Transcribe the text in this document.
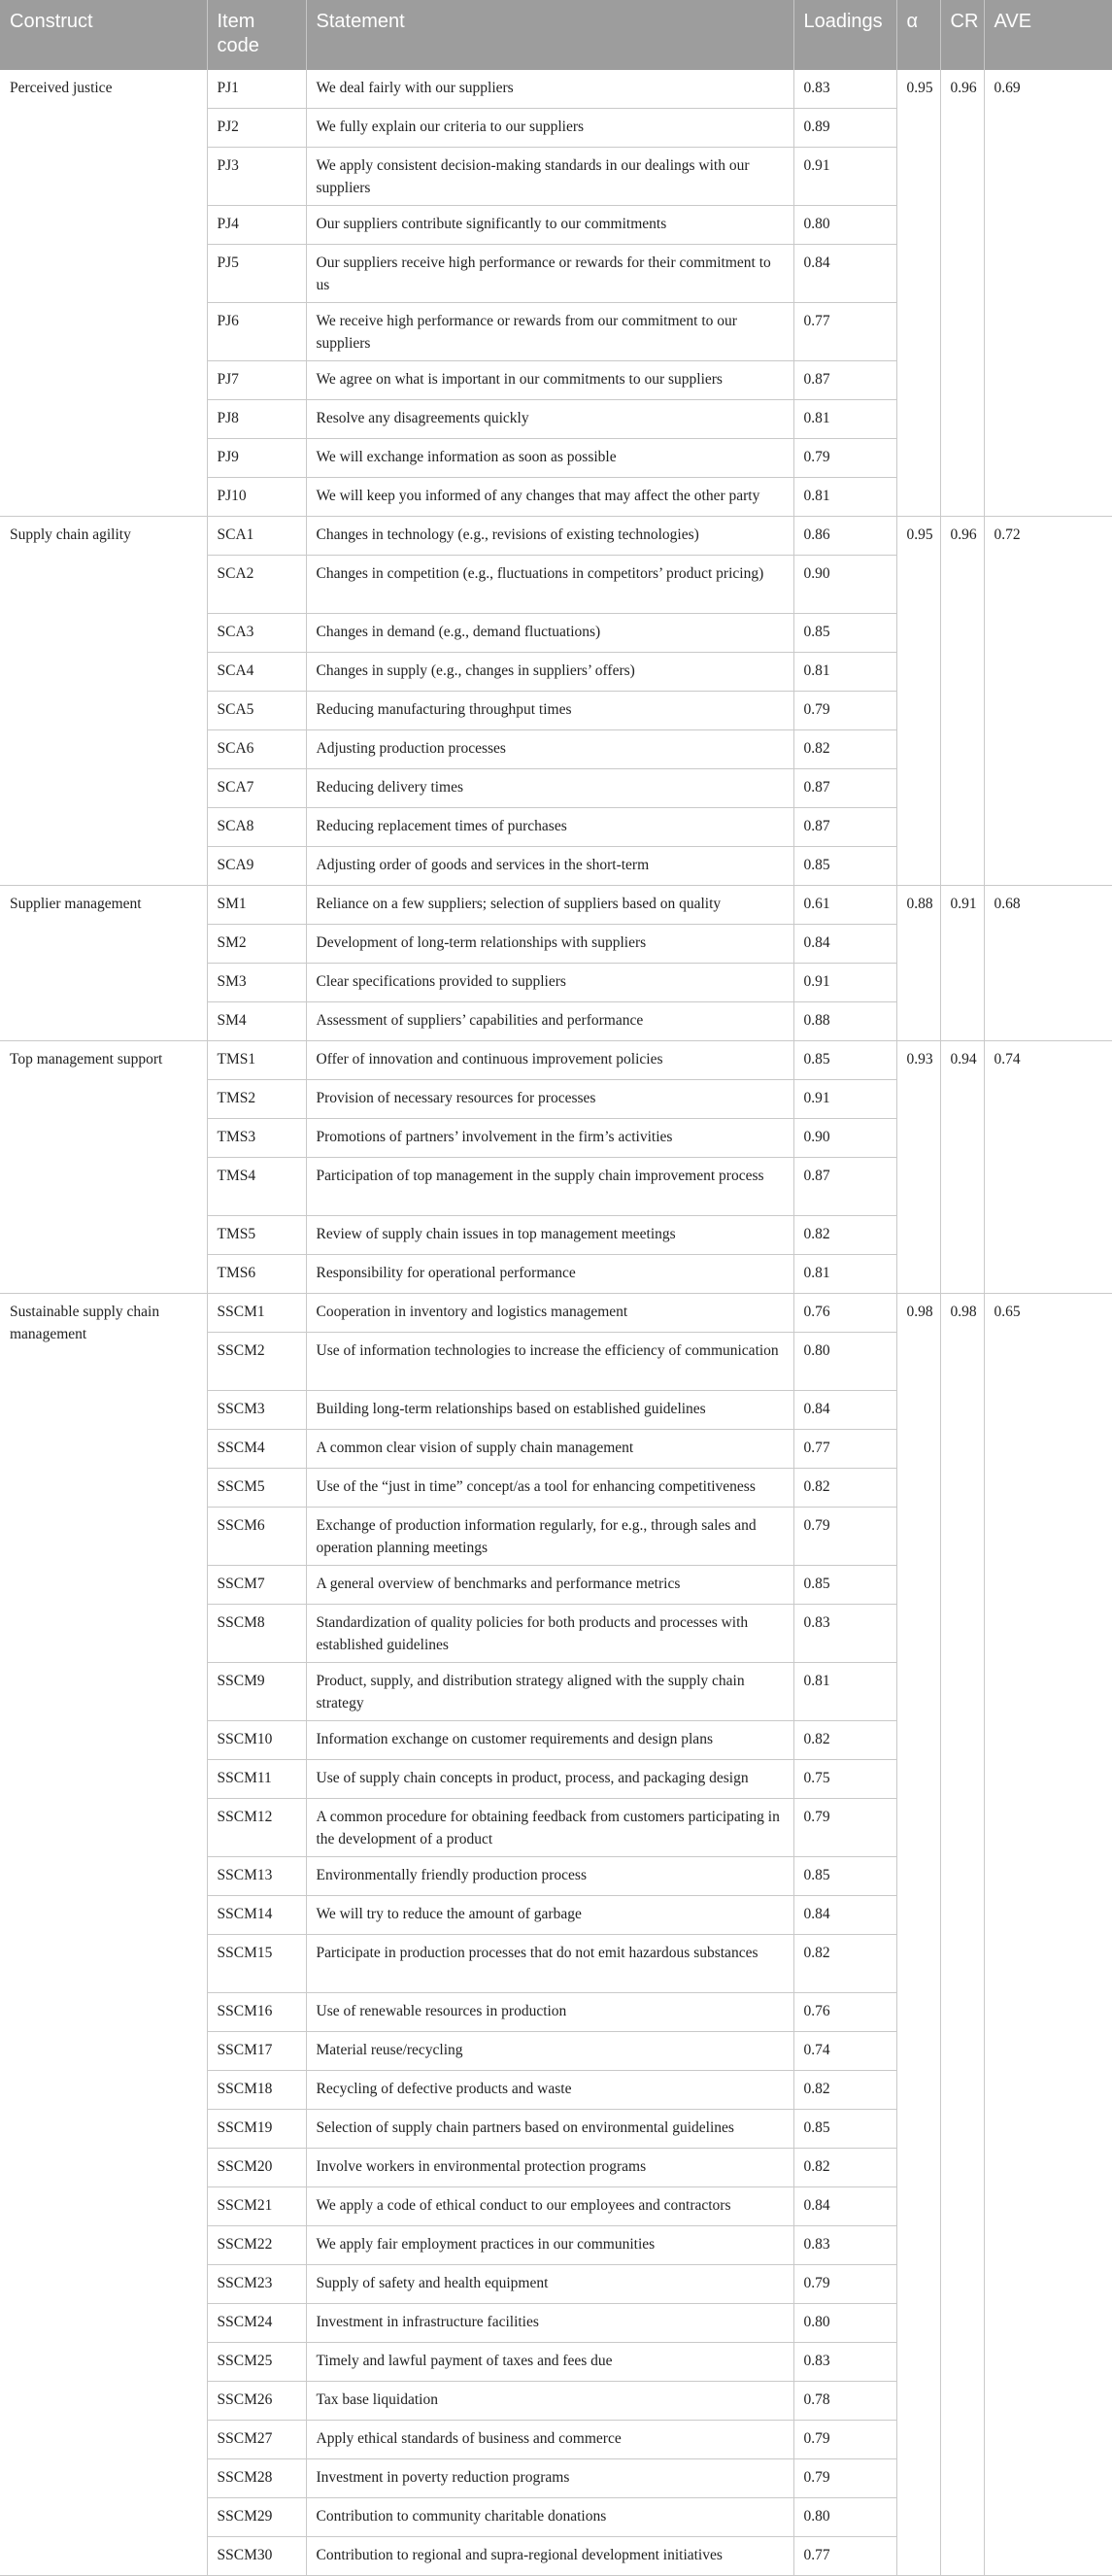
Construct	Item code	Statement	Loadings	α	CR	AVE
Perceived justice	PJ1	We deal fairly with our suppliers	0.83	0.95	0.96	0.69
	PJ2	We fully explain our criteria to our suppliers	0.89			
	PJ3	We apply consistent decision-making standards in our dealings with our suppliers	0.91			
	PJ4	Our suppliers contribute significantly to our commitments	0.80			
	PJ5	Our suppliers receive high performance or rewards for their commitment to us	0.84			
	PJ6	We receive high performance or rewards from our commitment to our suppliers	0.77			
	PJ7	We agree on what is important in our commitments to our suppliers	0.87			
	PJ8	Resolve any disagreements quickly	0.81			
	PJ9	We will exchange information as soon as possible	0.79			
	PJ10	We will keep you informed of any changes that may affect the other party	0.81			
Supply chain agility	SCA1	Changes in technology (e.g., revisions of existing technologies)	0.86	0.95	0.96	0.72
	SCA2	Changes in competition (e.g., fluctuations in competitors’ product pricing)	0.90			
	SCA3	Changes in demand (e.g., demand fluctuations)	0.85			
	SCA4	Changes in supply (e.g., changes in suppliers’ offers)	0.81			
	SCA5	Reducing manufacturing throughput times	0.79			
	SCA6	Adjusting production processes	0.82			
	SCA7	Reducing delivery times	0.87			
	SCA8	Reducing replacement times of purchases	0.87			
	SCA9	Adjusting order of goods and services in the short-term	0.85			
Supplier management	SM1	Reliance on a few suppliers; selection of suppliers based on quality	0.61	0.88	0.91	0.68
	SM2	Development of long-term relationships with suppliers	0.84			
	SM3	Clear specifications provided to suppliers	0.91			
	SM4	Assessment of suppliers’ capabilities and performance	0.88			
Top management support	TMS1	Offer of innovation and continuous improvement policies	0.85	0.93	0.94	0.74
	TMS2	Provision of necessary resources for processes	0.91			
	TMS3	Promotions of partners’ involvement in the firm’s activities	0.90			
	TMS4	Participation of top management in the supply chain improvement process	0.87			
	TMS5	Review of supply chain issues in top management meetings	0.82			
	TMS6	Responsibility for operational performance	0.81			
Sustainable supply chain management	SSCM1	Cooperation in inventory and logistics management	0.76	0.98	0.98	0.65
	SSCM2	Use of information technologies to increase the efficiency of communication	0.80			
	SSCM3	Building long-term relationships based on established guidelines	0.84			
	SSCM4	A common clear vision of supply chain management	0.77			
	SSCM5	Use of the “just in time” concept/as a tool for enhancing competitiveness	0.82			
	SSCM6	Exchange of production information regularly, for e.g., through sales and operation planning meetings	0.79			
	SSCM7	A general overview of benchmarks and performance metrics	0.85			
	SSCM8	Standardization of quality policies for both products and processes with established guidelines	0.83			
	SSCM9	Product, supply, and distribution strategy aligned with the supply chain strategy	0.81			
	SSCM10	Information exchange on customer requirements and design plans	0.82			
	SSCM11	Use of supply chain concepts in product, process, and packaging design	0.75			
	SSCM12	A common procedure for obtaining feedback from customers participating in the development of a product	0.79			
	SSCM13	Environmentally friendly production process	0.85			
	SSCM14	We will try to reduce the amount of garbage	0.84			
	SSCM15	Participate in production processes that do not emit hazardous substances	0.82			
	SSCM16	Use of renewable resources in production	0.76			
	SSCM17	Material reuse/recycling	0.74			
	SSCM18	Recycling of defective products and waste	0.82			
	SSCM19	Selection of supply chain partners based on environmental guidelines	0.85			
	SSCM20	Involve workers in environmental protection programs	0.82			
	SSCM21	We apply a code of ethical conduct to our employees and contractors	0.84			
	SSCM22	We apply fair employment practices in our communities	0.83			
	SSCM23	Supply of safety and health equipment	0.79			
	SSCM24	Investment in infrastructure facilities	0.80			
	SSCM25	Timely and lawful payment of taxes and fees due	0.83			
	SSCM26	Tax base liquidation	0.78			
	SSCM27	Apply ethical standards of business and commerce	0.79			
	SSCM28	Investment in poverty reduction programs	0.79			
	SSCM29	Contribution to community charitable donations	0.80			
	SSCM30	Contribution to regional and supra-regional development initiatives	0.77			
